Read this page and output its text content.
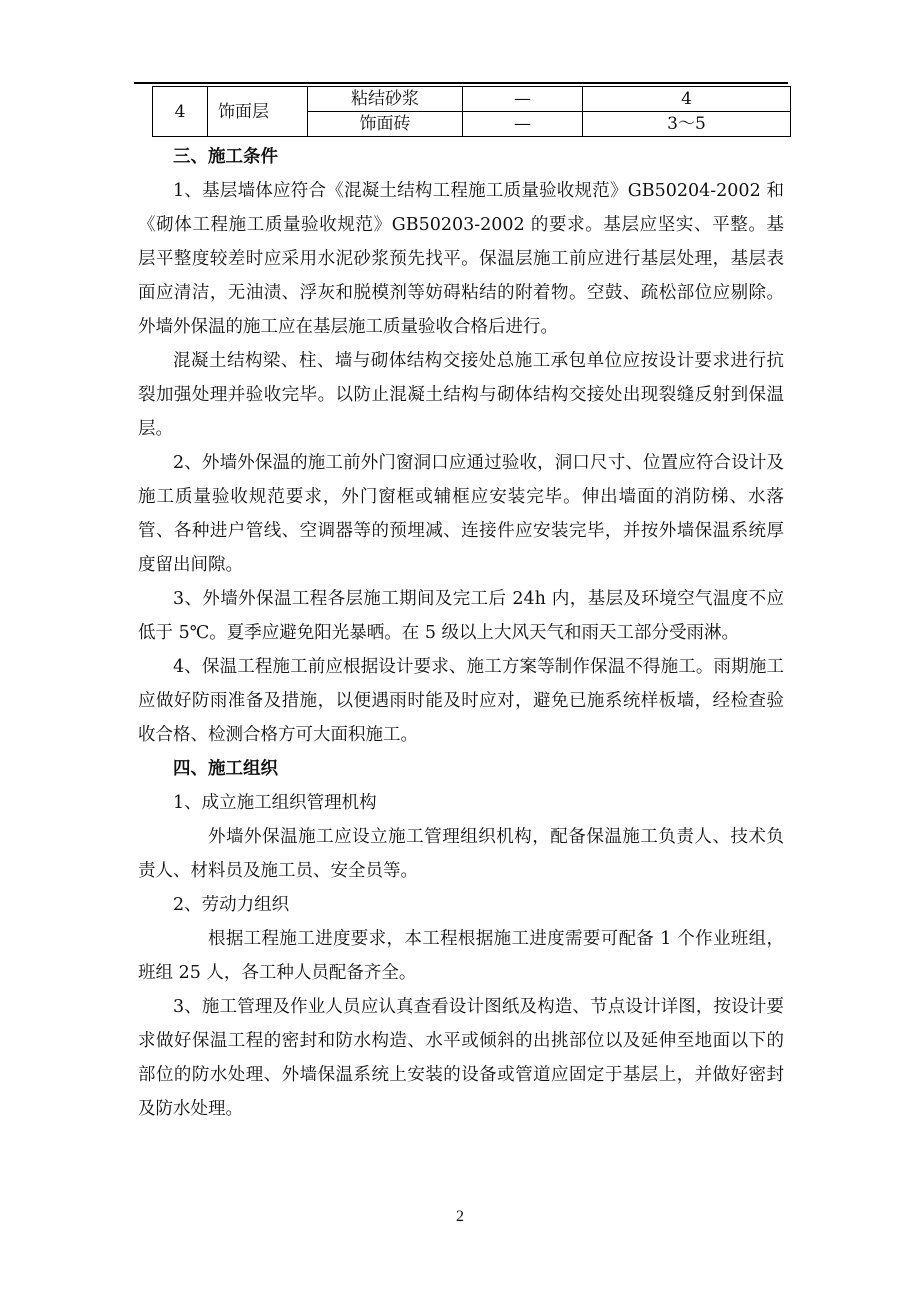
4	饰面层	粘结砂浆	—	4
		饰面砖	—	3～5

三、施工条件

1、基层墙体应符合《混凝土结构工程施工质量验收规范》GB50204-2002 和《砌体工程施工质量验收规范》GB50203-2002 的要求。基层应坚实、平整。基层平整度较差时应采用水泥砂浆预先找平。保温层施工前应进行基层处理，基层表面应清洁，无油渍、浮灰和脱模剂等妨碍粘结的附着物。空鼓、疏松部位应剔除。外墙外保温的施工应在基层施工质量验收合格后进行。

混凝土结构梁、柱、墙与砌体结构交接处总施工承包单位应按设计要求进行抗裂加强处理并验收完毕。以防止混凝土结构与砌体结构交接处出现裂缝反射到保温层。

2、外墙外保温的施工前外门窗洞口应通过验收，洞口尺寸、位置应符合设计及施工质量验收规范要求，外门窗框或辅框应安装完毕。伸出墙面的消防梯、水落管、各种进户管线、空调器等的预埋减、连接件应安装完毕，并按外墙保温系统厚度留出间隙。

3、外墙外保温工程各层施工期间及完工后 24h 内，基层及环境空气温度不应低于 5℃。夏季应避免阳光暴晒。在 5 级以上大风天气和雨天工部分受雨淋。

4、保温工程施工前应根据设计要求、施工方案等制作保温不得施工。雨期施工应做好防雨准备及措施，以便遇雨时能及时应对，避免已施系统样板墙，经检查验收合格、检测合格方可大面积施工。

四、施工组织

1、成立施工组织管理机构

外墙外保温施工应设立施工管理组织机构，配备保温施工负责人、技术负责人、材料员及施工员、安全员等。

2、劳动力组织

根据工程施工进度要求，本工程根据施工进度需要可配备 1 个作业班组，班组 25 人，各工种人员配备齐全。

3、施工管理及作业人员应认真查看设计图纸及构造、节点设计详图，按设计要求做好保温工程的密封和防水构造、水平或倾斜的出挑部位以及延伸至地面以下的部位的防水处理、外墙保温系统上安装的设备或管道应固定于基层上，并做好密封及防水处理。

2
